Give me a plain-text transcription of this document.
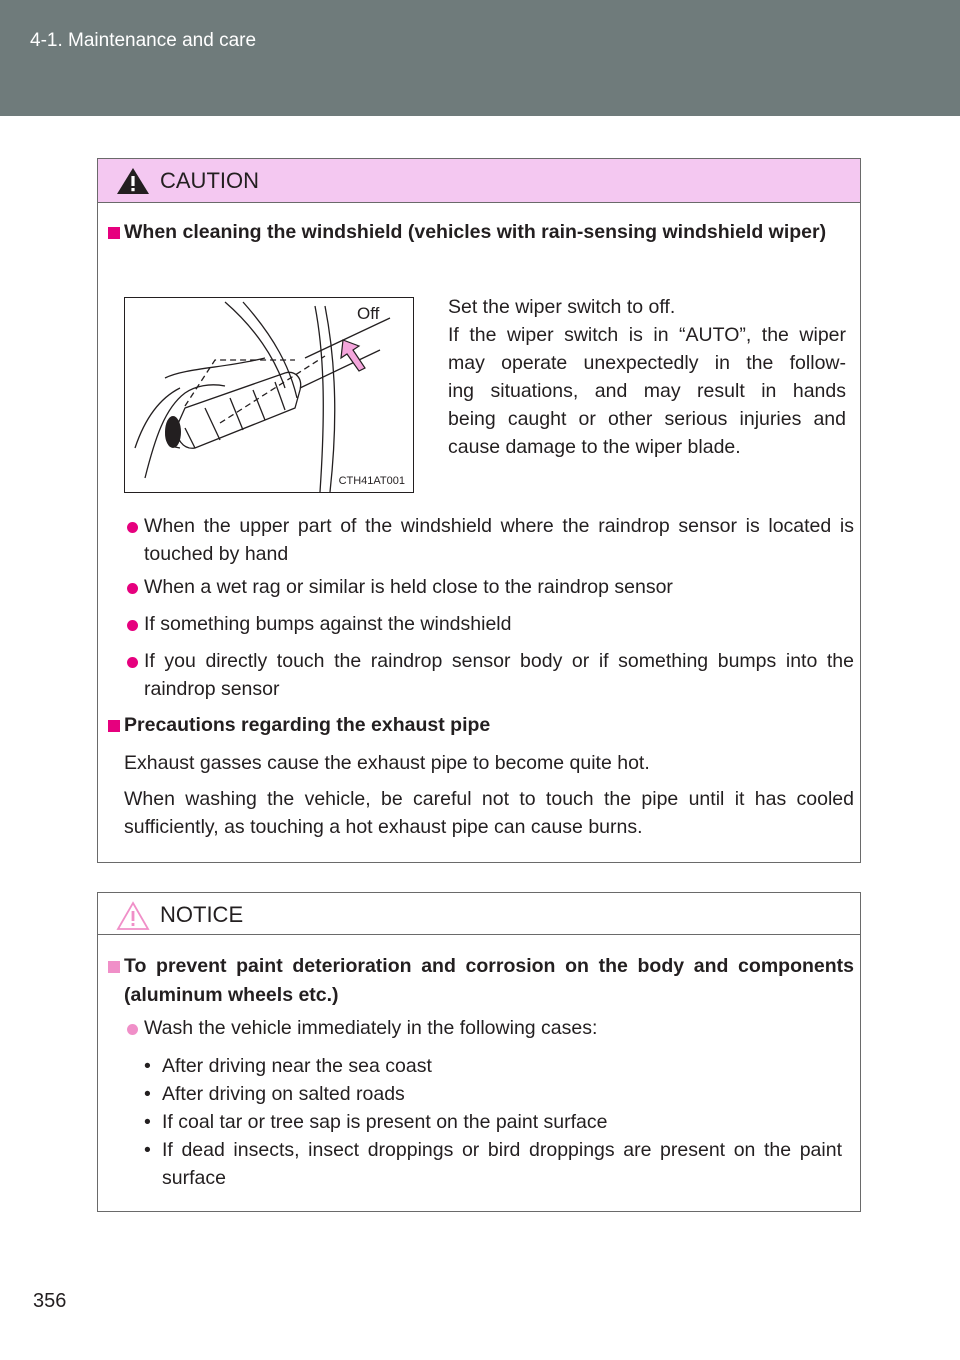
4-1. Maintenance and care
CAUTION
When cleaning the windshield (vehicles with rain-sensing windshield wiper)
Off
CTH41AT001
Set the wiper switch to off.
If the wiper switch is in “AUTO”, the wiper
may operate unexpectedly in the follow-
ing situations, and may result in hands
being caught or other serious injuries and
cause damage to the wiper blade.
When the upper part of the windshield where the raindrop sensor is located is touched by hand
When a wet rag or similar is held close to the raindrop sensor
If something bumps against the windshield
If you directly touch the raindrop sensor body or if something bumps into the raindrop sensor
Precautions regarding the exhaust pipe
Exhaust gasses cause the exhaust pipe to become quite hot.
When washing the vehicle, be careful not to touch the pipe until it has cooled sufficiently, as touching a hot exhaust pipe can cause burns.
NOTICE
To prevent paint deterioration and corrosion on the body and components (aluminum wheels etc.)
Wash the vehicle immediately in the following cases:
• After driving near the sea coast
• After driving on salted roads
• If coal tar or tree sap is present on the paint surface
• If dead insects, insect droppings or bird droppings are present on the paint surface
356
